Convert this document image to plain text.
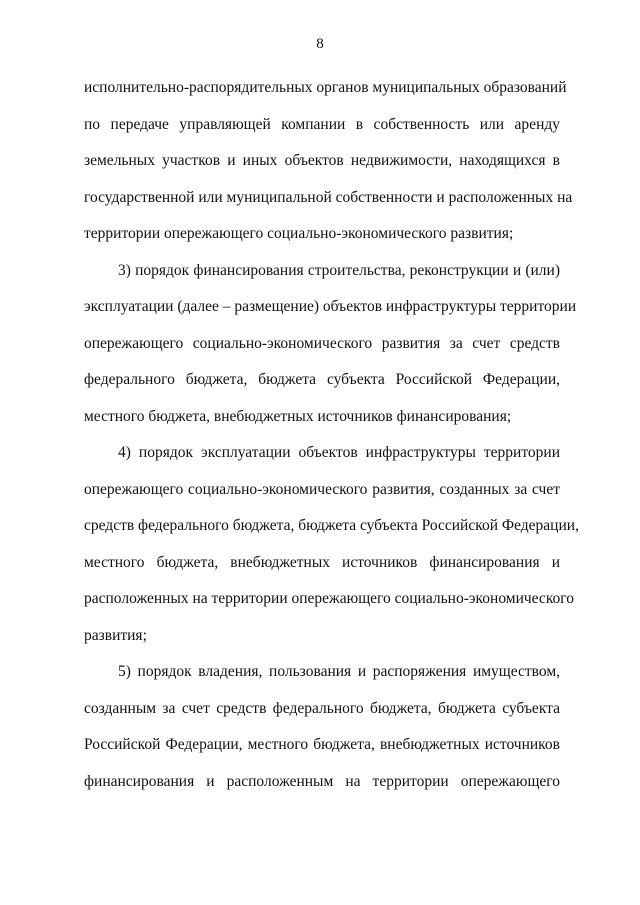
8
исполнительно-распорядительных органов муниципальных образований
по передаче управляющей компании в собственность или аренду
земельных участков и иных объектов недвижимости, находящихся в
государственной или муниципальной собственности и расположенных на
территории опережающего социально-экономического развития;
3) порядок финансирования строительства, реконструкции и (или)
эксплуатации (далее – размещение) объектов инфраструктуры территории
опережающего социально-экономического развития за счет средств
федерального бюджета, бюджета субъекта Российской Федерации,
местного бюджета, внебюджетных источников финансирования;
4) порядок эксплуатации объектов инфраструктуры территории
опережающего социально-экономического развития, созданных за счет
средств федерального бюджета, бюджета субъекта Российской Федерации,
местного бюджета, внебюджетных источников финансирования и
расположенных на территории опережающего социально-экономического
развития;
5) порядок владения, пользования и распоряжения имуществом,
созданным за счет средств федерального бюджета, бюджета субъекта
Российской Федерации, местного бюджета, внебюджетных источников
финансирования и расположенным на территории опережающего
